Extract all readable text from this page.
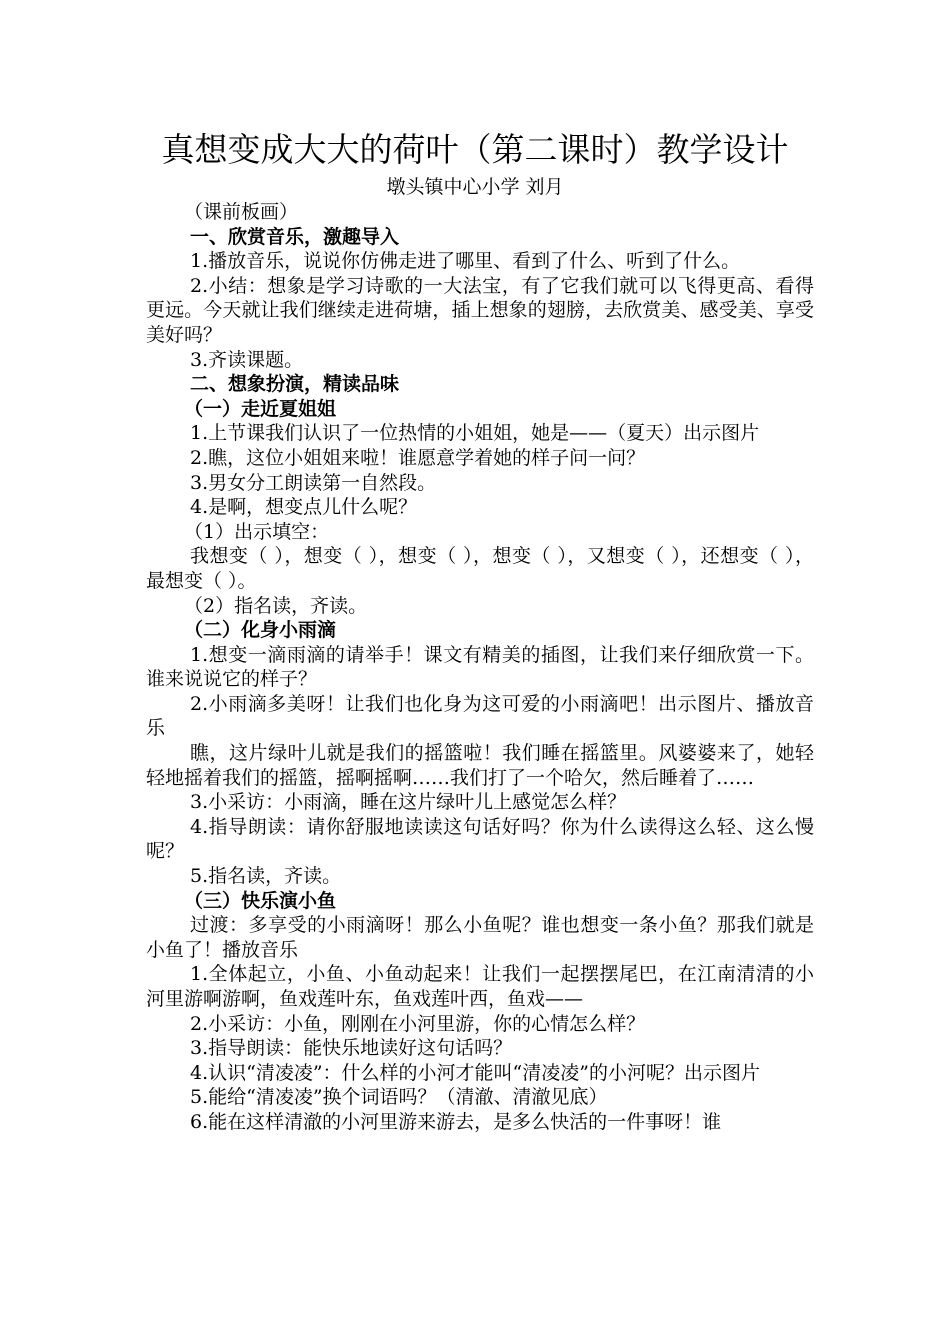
真想变成大大的荷叶（第二课时）教学设计
墩头镇中心小学 刘月

（课前板画）

一、欣赏音乐，激趣导入

1.播放音乐，说说你仿佛走进了哪里、看到了什么、听到了什么。

2.小结：想象是学习诗歌的一大法宝，有了它我们就可以飞得更高、看得更远。今天就让我们继续走进荷塘，插上想象的翅膀，去欣赏美、感受美、享受美好吗？

3.齐读课题。

二、想象扮演，精读品味

（一）走近夏姐姐

1.上节课我们认识了一位热情的小姐姐，她是——（夏天）出示图片

2.瞧，这位小姐姐来啦！谁愿意学着她的样子问一问？

3.男女分工朗读第一自然段。

4.是啊，想变点儿什么呢？

（1）出示填空：

我想变（ ），想变（ ），想变（ ），想变（ ），又想变（ ），还想变（ ），最想变（ ）。

（2）指名读，齐读。

（二）化身小雨滴

1.想变一滴雨滴的请举手！课文有精美的插图，让我们来仔细欣赏一下。谁来说说它的样子？

2.小雨滴多美呀！让我们也化身为这可爱的小雨滴吧！出示图片、播放音乐

瞧，这片绿叶儿就是我们的摇篮啦！我们睡在摇篮里。风婆婆来了，她轻轻地摇着我们的摇篮，摇啊摇啊……我们打了一个哈欠，然后睡着了……

3.小采访：小雨滴，睡在这片绿叶儿上感觉怎么样？

4.指导朗读：请你舒服地读读这句话好吗？你为什么读得这么轻、这么慢呢？

5.指名读，齐读。

（三）快乐演小鱼

过渡：多享受的小雨滴呀！那么小鱼呢？谁也想变一条小鱼？那我们就是小鱼了！播放音乐

1.全体起立，小鱼、小鱼动起来！让我们一起摆摆尾巴，在江南清清的小河里游啊游啊，鱼戏莲叶东，鱼戏莲叶西，鱼戏——

2.小采访：小鱼，刚刚在小河里游，你的心情怎么样？

3.指导朗读：能快乐地读好这句话吗？

4.认识“清凌凌”：什么样的小河才能叫“清凌凌”的小河呢？出示图片

5.能给“清凌凌”换个词语吗？（清澈、清澈见底）

6.能在这样清澈的小河里游来游去，是多么快活的一件事呀！谁
